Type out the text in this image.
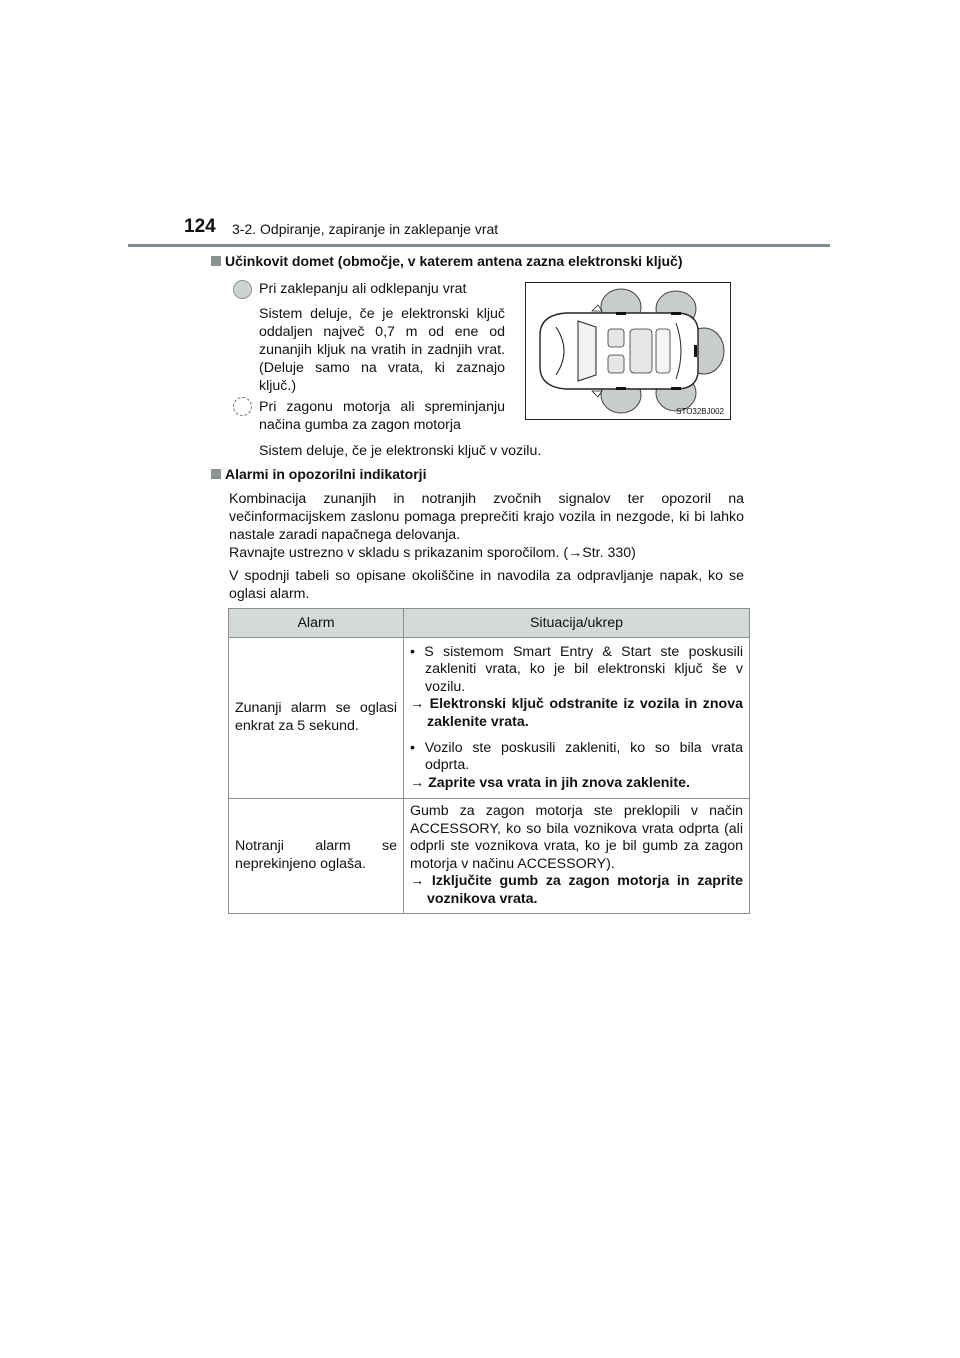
124 3-2. Odpiranje, zapiranje in zaklepanje vrat
Učinkovit domet (območje, v katerem antena zazna elektronski ključ)
Pri zaklepanju ali odklepanju vrat
Sistem deluje, če je elektronski ključ oddaljen največ 0,7 m od ene od zunanjih kljuk na vratih in zadnjih vrat. (Deluje samo na vrata, ki zaznajo ključ.)
Pri zagonu motorja ali spreminjanju načina gumba za zagon motorja
Sistem deluje, če je elektronski ključ v vozilu.
STO32BJ002
Alarmi in opozorilni indikatorji
Kombinacija zunanjih in notranjih zvočnih signalov ter opozoril na večinformacijskem zaslonu pomaga preprečiti krajo vozila in nezgode, ki bi lahko nastale zaradi napačnega delovanja.
Ravnajte ustrezno v skladu s prikazanim sporočilom. (→Str. 330)
V spodnji tabeli so opisane okoliščine in navodila za odpravljanje napak, ko se oglasi alarm.
Alarm	Situacija/ukrep

Zunanji alarm se oglasi enkrat za 5 sekund.	• S sistemom Smart Entry & Start ste poskusili zakleniti vrata, ko je bil elektronski ključ še v vozilu.

→ Elektronski ključ odstranite iz vozila in znova zaklenite vrata.

• Vozilo ste poskusili zakleniti, ko so bila vrata odprta.

→ Zaprite vsa vrata in jih znova zaklenite.

Notranji alarm se neprekinjeno oglaša.	Gumb za zagon motorja ste preklopili v način ACCESSORY, ko so bila voznikova vrata odprta (ali odprli ste voznikova vrata, ko je bil gumb za zagon motorja v načinu ACCESSORY).

→ Izključite gumb za zagon motorja in zaprite voznikova vrata.
